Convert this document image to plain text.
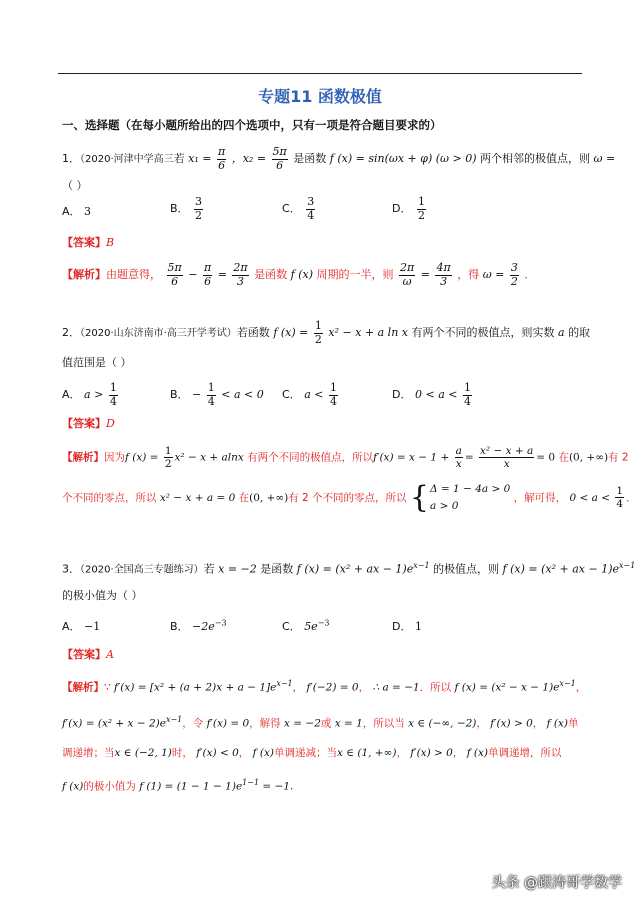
专题11 函数极值
一、选择题（在每小题所给出的四个选项中，只有一项是符合题目要求的）
1．（2020·河津中学高三若 $x_1 = \frac{\pi}{6}$ ，$x_2 = \frac{5\pi}{6}$ 是函数 f (x) = sin(ωx + φ) (ω > 0) 两个相邻的极值点，则 ω =
（ ）
A． 3	B． $\frac{3}{2}$	C． $\frac{3}{4}$	D． $\frac{1}{2}$
【答案】B
【解析】由题意得， $\frac{5\pi}{6} - \frac{\pi}{6} = \frac{2\pi}{3}$ 是函数 f (x) 周期的一半，则 $\frac{2\pi}{\omega} = \frac{4\pi}{3}$ ，得 $\omega = \frac{3}{2}$ ．
2．（2020·山东济南市·高三开学考试）若函数 f $(x) = \frac{1}{2} x^2 - x + a$ ln x 有两个不同的极值点，则实数 a 的取
值范围是（ ）
A． $a > \frac{1}{4}$	B． − $\frac{1}{4} < a < 0$ C． $a < \frac{1}{4}$	D． $0 < a < \frac{1}{4}$
【答案】D
【解析】因为f $(x) = \frac{1}{2} x^2 - x + alnx$ 有两个不同的极值点，所以$f'(x) = x - 1 + \frac{a}{x} = \frac{\text{x² − x + a}}{x} = 0$ 在(0, +∞)有 2
个不同的零点，所以 x² − x + a = 0 在(0, +∞)有 2 个不同的零点，所以 { Δ = 1 − 4a > 0
a > 0
，解可得， $0 < a < \frac{1}{4}$ ．
3．（2020·全国高三专题练习）若 x = −2 是函数 f (x) = (x² + ax − $1)e^{x-1}$ 的极值点，则 f (x) = (x² + ax − $1)e^{x-1}$
的极小值为（ ）
A． −1	B． $-2e^{-3}$	C． $5e^{-3}$	D． 1
【答案】A
【解析】∵ $f'(x) = [x^2 + (a + 2)x + a - 1]e^{x-1}$， f′(−2) = 0， ∴ a = −1．所以 f $(x) = (x^2 - x - 1)e^{x-1}$，
$f'(x) = (x^2 + x - 2)e^{x-1}$，令 f′(x) = 0，解得 x = −2或 x = 1，所以当 x ∈ (−∞, −2)， f′(x) > 0， f (x)单
调递增；当x ∈ (−2, 1)时， f′(x) < 0， f (x)单调递减；当x ∈ (1, +∞)， f′(x) > 0， f (x)单调递增，所以
f (x)的极小值为 f $(1) = (1 - 1 - 1)e^{1-1} = -1$.
头条 @跟涛哥学数学
